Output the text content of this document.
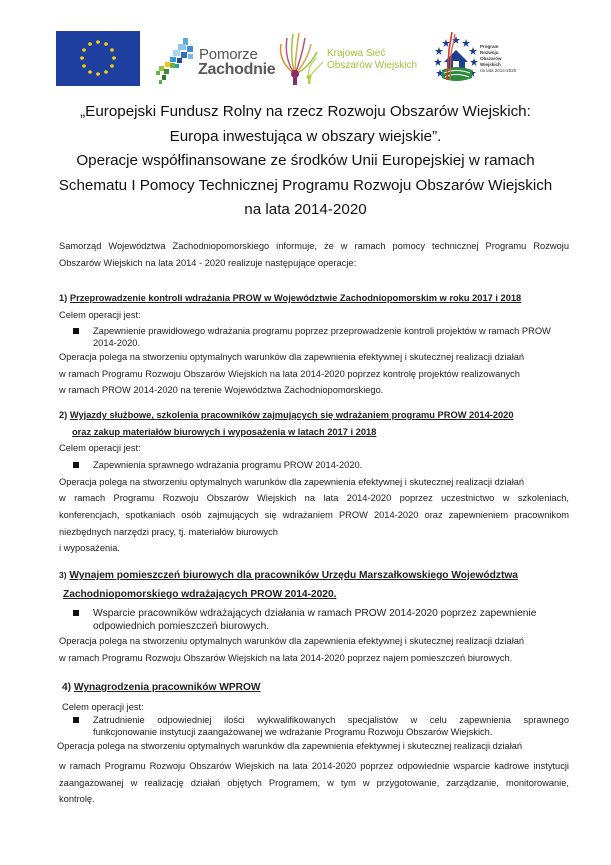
Pomorze
Zachodnie
Krajowa Sieć
Obszarów Wiejskich
Program
Rozwoju
Obszarów
Wiejskich
na lata 2014-2020
„Europejski Fundusz Rolny na rzecz Rozwoju Obszarów Wiejskich:
Europa inwestująca w obszary wiejskie”.
Operacje współfinansowane ze środków Unii Europejskiej w ramach
Schematu I Pomocy Technicznej Programu Rozwoju Obszarów Wiejskich
na lata 2014-2020
Samorząd Województwa Zachodniopomorskiego informuje, że w ramach pomocy technicznej Programu Rozwoju
Obszarów Wiejskich na lata 2014 - 2020 realizuje następujące operacje:
1) Przeprowadzenie kontroli wdrażania PROW w Województwie Zachodniopomorskim w roku 2017 i 2018
Celem operacji jest:
Zapewnienie prawidłowego wdrażania programu poprzez przeprowadzenie kontroli projektów w ramach PROW
2014-2020.
Operacja polega na stworzeniu optymalnych warunków dla zapewnienia efektywnej i skutecznej realizacji działań
w ramach Programu Rozwoju Obszarów Wiejskich na lata 2014-2020 poprzez kontrolę projektów realizowanych
w ramach PROW 2014-2020 na terenie Województwa Zachodniopomorskiego.
2) Wyjazdy służbowe, szkolenia pracowników zajmujących się wdrażaniem programu PROW 2014-2020
oraz zakup materiałów biurowych i wyposażenia w latach 2017 i 2018
Celem operacji jest:
Zapewnienia sprawnego wdrażania programu PROW 2014-2020.
Operacja polega na stworzeniu optymalnych warunków dla zapewnienia efektywnej i skutecznej realizacji działań
w ramach Programu Rozwoju Obszarów Wiejskich na lata 2014-2020 poprzez uczestnictwo w szkoleniach,
konferencjach, spotkaniach osób zajmujących się wdrażaniem PROW 2014-2020 oraz zapewnieniem pracownikom
niezbędnych narzędzi pracy, tj. materiałów biurowych
i wyposażenia.
3) Wynajem pomieszczeń biurowych dla pracowników Urzędu Marszałkowskiego Województwa
Zachodniopomorskiego wdrażających PROW 2014-2020.
Wsparcie pracowników wdrażających działania w ramach PROW 2014-2020 poprzez zapewnienie
odpowiednich pomieszczeń biurowych.
Operacja polega na stworzeniu optymalnych warunków dla zapewnienia efektywnej i skutecznej realizacji działań
w ramach Programu Rozwoju Obszarów Wiejskich na lata 2014-2020 poprzez najem pomieszczeń biurowych.
4) Wynagrodzenia pracowników WPROW
Celem operacji jest:
Zatrudnienie odpowiedniej ilości wykwalifikowanych specjalistów w celu zapewnienia sprawnego
funkcjonowanie instytucji zaangażowanej we wdrażanie Programu Rozwoju Obszarów Wiejskich.
Operacja polega na stworzeniu optymalnych warunków dla zapewnienia efektywnej i skutecznej realizacji działań
w ramach Programu Rozwoju Obszarów Wiejskich na lata 2014-2020 poprzez odpowiednie wsparcie kadrowe instytucji
zaangażowanej w realizację działań objętych Programem, w tym w przygotowanie, zarządzanie, monitorowanie,
kontrolę.
